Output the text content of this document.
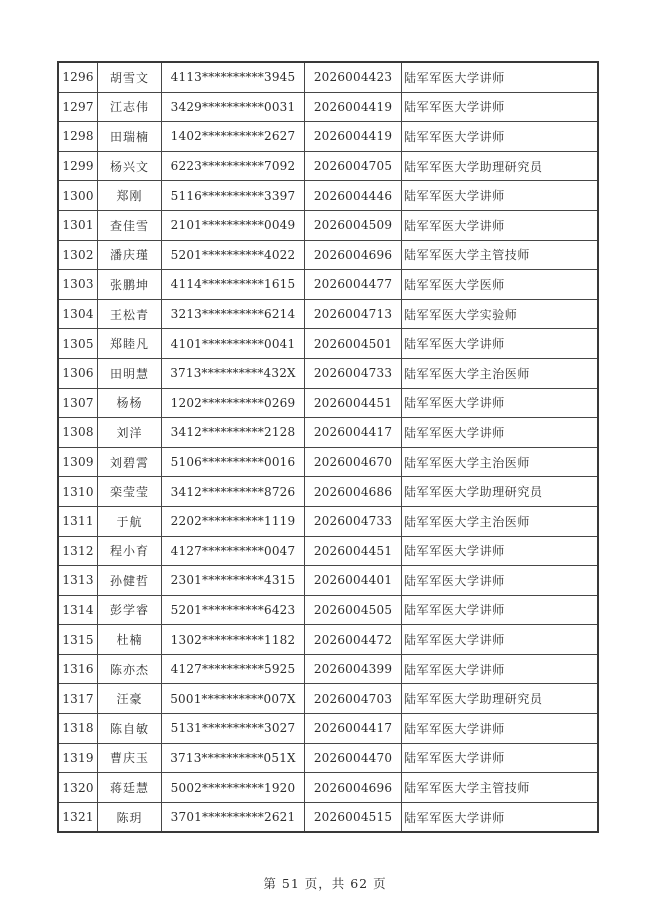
1296	胡雪文	4113**********3945	2026004423	陆军军医大学讲师
1297	江志伟	3429**********0031	2026004419	陆军军医大学讲师
1298	田瑞楠	1402**********2627	2026004419	陆军军医大学讲师
1299	杨兴文	6223**********7092	2026004705	陆军军医大学助理研究员
1300	郑刚	5116**********3397	2026004446	陆军军医大学讲师
1301	查佳雪	2101**********0049	2026004509	陆军军医大学讲师
1302	潘庆瑾	5201**********4022	2026004696	陆军军医大学主管技师
1303	张鹏坤	4114**********1615	2026004477	陆军军医大学医师
1304	王松青	3213**********6214	2026004713	陆军军医大学实验师
1305	郑睦凡	4101**********0041	2026004501	陆军军医大学讲师
1306	田明慧	3713**********432X	2026004733	陆军军医大学主治医师
1307	杨杨	1202**********0269	2026004451	陆军军医大学讲师
1308	刘洋	3412**********2128	2026004417	陆军军医大学讲师
1309	刘碧霄	5106**********0016	2026004670	陆军军医大学主治医师
1310	栾莹莹	3412**********8726	2026004686	陆军军医大学助理研究员
1311	于航	2202**********1119	2026004733	陆军军医大学主治医师
1312	程小育	4127**********0047	2026004451	陆军军医大学讲师
1313	孙健哲	2301**********4315	2026004401	陆军军医大学讲师
1314	彭学睿	5201**********6423	2026004505	陆军军医大学讲师
1315	杜楠	1302**********1182	2026004472	陆军军医大学讲师
1316	陈亦杰	4127**********5925	2026004399	陆军军医大学讲师
1317	汪豪	5001**********007X	2026004703	陆军军医大学助理研究员
1318	陈自敏	5131**********3027	2026004417	陆军军医大学讲师
1319	曹庆玉	3713**********051X	2026004470	陆军军医大学讲师
1320	蒋廷慧	5002**********1920	2026004696	陆军军医大学主管技师
1321	陈玥	3701**********2621	2026004515	陆军军医大学讲师
第 51 页，共 62 页
